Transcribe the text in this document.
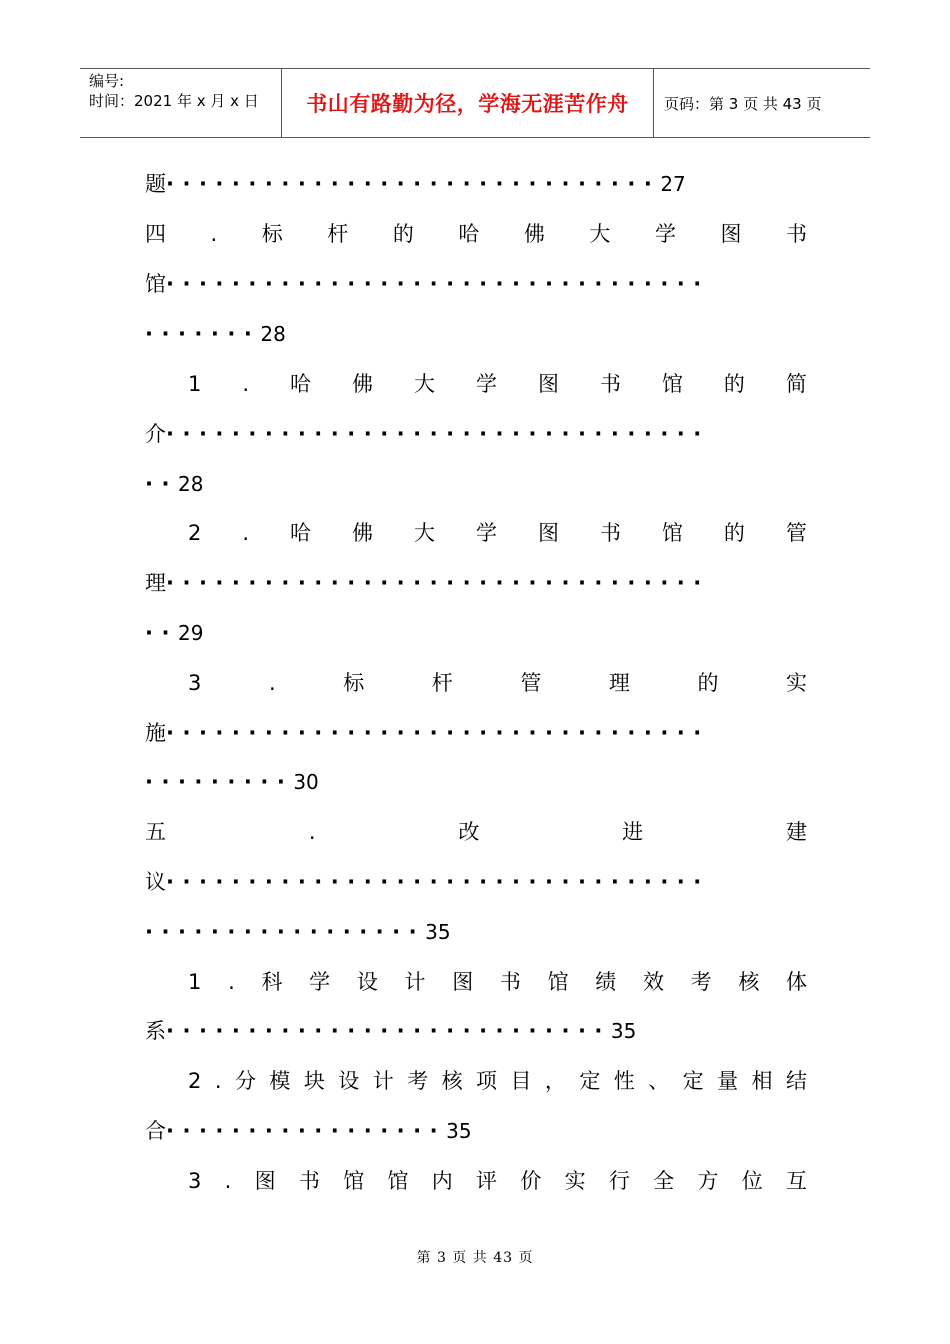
编号:
时间：2021 年 x 月 x 日	书山有路勤为径，学海无涯苦作舟 页码：第 3 页 共 43 页
题 ······························ 27
四 . 标 杆 的 哈 佛 大 学 图 书
馆 ·································
······· 28
1 . 哈 佛 大 学 图 书 馆 的 简
介 ·································
·· 28
2 . 哈 佛 大 学 图 书 馆 的 管
理 ·································
·· 29
3	.	标	杆	管	理	的	实
施 ·································
········· 30
五	.	改	进	建
议 ·································
················· 35
1 . 科 学 设 计 图 书 馆 绩 效 考 核 体
系 ··························· 35
2 . 分 模 块 设 计 考 核 项 目 ， 定 性 、 定 量 相 结
合 ················· 35
3 . 图 书 馆 馆 内 评 价 实 行 全 方 位 互
第 3 页 共 43 页
